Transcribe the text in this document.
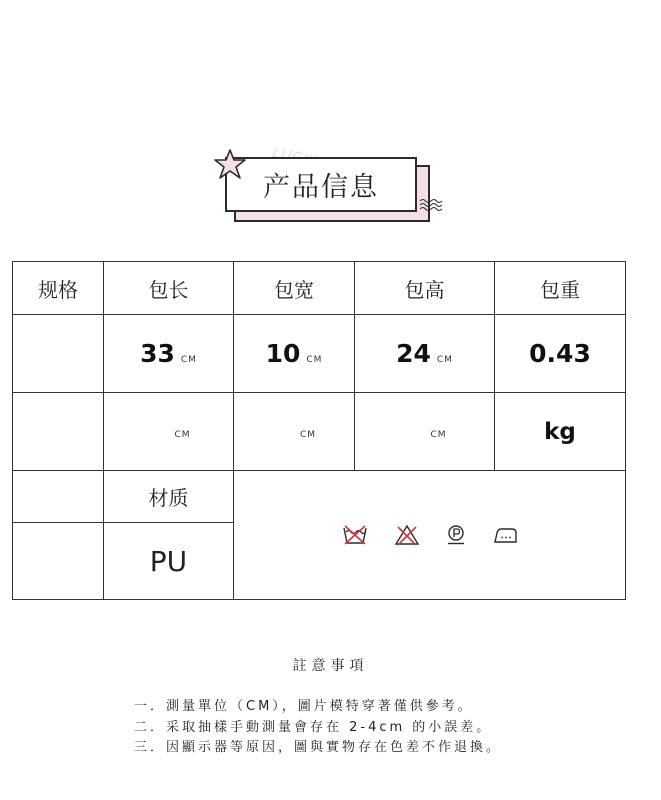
产品信息
规格	包长	包宽	包高	包重
	33 CM	10 CM	24 CM	0.43
	CM	CM	CM	kg
	材质	

	PU			
註意事項
一．測量單位（CM），圖片模特穿著僅供參考。
二．采取抽樣手動測量會存在 2-4cm 的小誤差。
三．因顯示器等原因，圖與實物存在色差不作退換。
